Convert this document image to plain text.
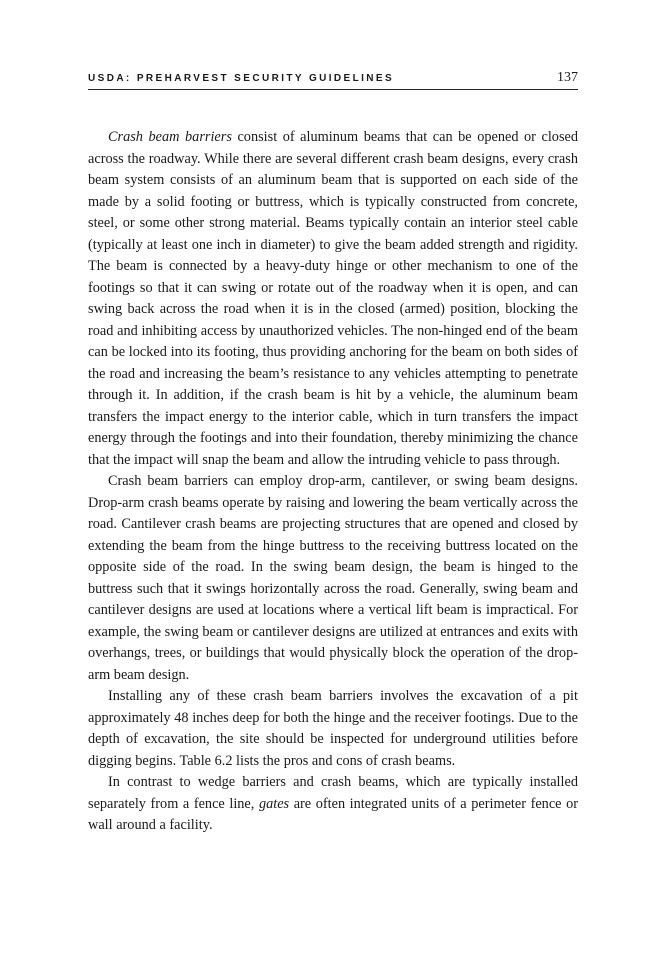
USDA: PREHARVEST SECURITY GUIDELINES	137

Crash beam barriers consist of aluminum beams that can be opened or closed across the roadway. While there are several different crash beam designs, every crash beam system consists of an aluminum beam that is supported on each side of the made by a solid footing or buttress, which is typically constructed from concrete, steel, or some other strong material. Beams typically contain an interior steel cable (typically at least one inch in diameter) to give the beam added strength and rigidity. The beam is connected by a heavy-duty hinge or other mechanism to one of the footings so that it can swing or rotate out of the roadway when it is open, and can swing back across the road when it is in the closed (armed) position, blocking the road and inhibiting access by unauthorized vehicles. The non-hinged end of the beam can be locked into its footing, thus providing anchoring for the beam on both sides of the road and increasing the beam’s resistance to any vehicles attempting to penetrate through it. In addition, if the crash beam is hit by a vehicle, the aluminum beam transfers the impact energy to the interior cable, which in turn transfers the impact energy through the footings and into their foundation, thereby minimizing the chance that the impact will snap the beam and allow the intruding vehicle to pass through.

Crash beam barriers can employ drop-arm, cantilever, or swing beam designs. Drop-arm crash beams operate by raising and lowering the beam vertically across the road. Cantilever crash beams are projecting structures that are opened and closed by extending the beam from the hinge buttress to the receiving buttress located on the opposite side of the road. In the swing beam design, the beam is hinged to the buttress such that it swings horizontally across the road. Generally, swing beam and cantilever designs are used at locations where a vertical lift beam is impractical. For example, the swing beam or cantilever designs are utilized at entrances and exits with overhangs, trees, or buildings that would physically block the operation of the drop-arm beam design.

Installing any of these crash beam barriers involves the excavation of a pit approximately 48 inches deep for both the hinge and the receiver footings. Due to the depth of excavation, the site should be inspected for underground utilities before digging begins. Table 6.2 lists the pros and cons of crash beams.

In contrast to wedge barriers and crash beams, which are typically installed separately from a fence line, gates are often integrated units of a perimeter fence or wall around a facility.
